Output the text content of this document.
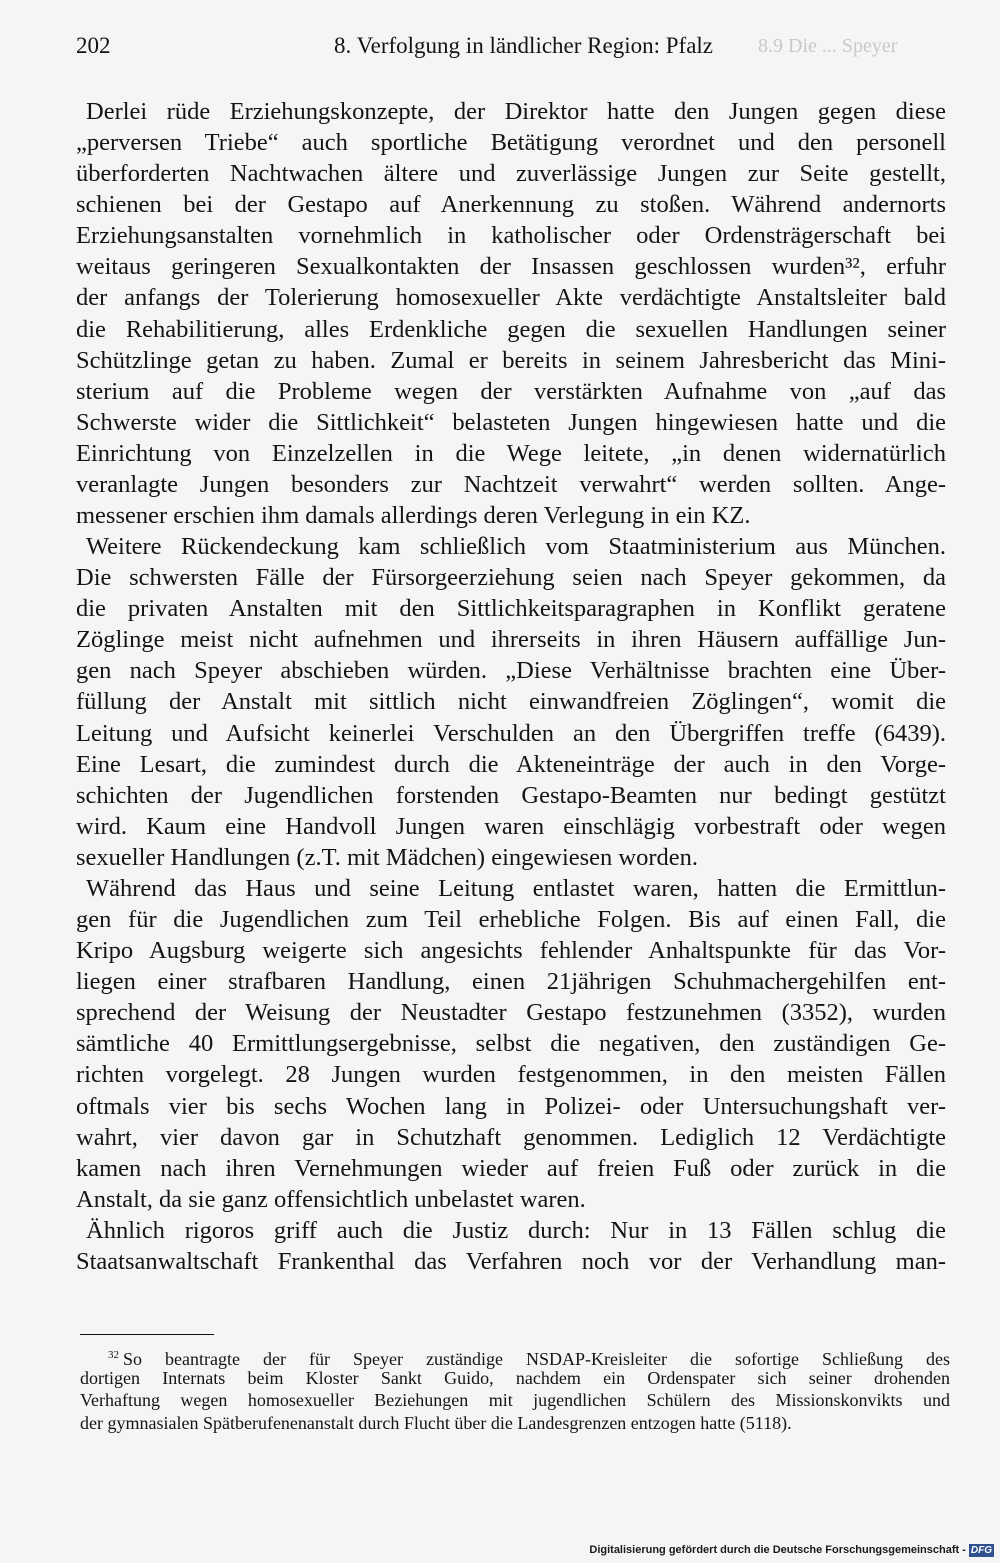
202	8. Verfolgung in ländlicher Region: Pfalz 8.9 Die ... Speyer
Derlei rüde Erziehungskonzepte, der Direktor hatte den Jungen gegen diese
„perversen Triebe“ auch sportliche Betätigung verordnet und den personell
überforderten Nachtwachen ältere und zuverlässige Jungen zur Seite gestellt,
schienen bei der Gestapo auf Anerkennung zu stoßen. Während andernorts
Erziehungsanstalten vornehmlich in katholischer oder Ordensträgerschaft bei
weitaus geringeren Sexualkontakten der Insassen geschlossen wurden³², erfuhr
der anfangs der Tolerierung homosexueller Akte verdächtigte Anstaltsleiter bald
die Rehabilitierung, alles Erdenkliche gegen die sexuellen Handlungen seiner
Schützlinge getan zu haben. Zumal er bereits in seinem Jahresbericht das Mini-
sterium auf die Probleme wegen der verstärkten Aufnahme von „auf das
Schwerste wider die Sittlichkeit“ belasteten Jungen hingewiesen hatte und die
Einrichtung von Einzelzellen in die Wege leitete, „in denen widernatürlich
veranlagte Jungen besonders zur Nachtzeit verwahrt“ werden sollten. Ange-
messener erschien ihm damals allerdings deren Verlegung in ein KZ.
Weitere Rückendeckung kam schließlich vom Staatministerium aus München.
Die schwersten Fälle der Fürsorgeerziehung seien nach Speyer gekommen, da
die privaten Anstalten mit den Sittlichkeitsparagraphen in Konflikt geratene
Zöglinge meist nicht aufnehmen und ihrerseits in ihren Häusern auffällige Jun-
gen nach Speyer abschieben würden. „Diese Verhältnisse brachten eine Über-
füllung der Anstalt mit sittlich nicht einwandfreien Zöglingen“, womit die
Leitung und Aufsicht keinerlei Verschulden an den Übergriffen treffe (6439).
Eine Lesart, die zumindest durch die Akteneinträge der auch in den Vorge-
schichten der Jugendlichen forstenden Gestapo-Beamten nur bedingt gestützt
wird. Kaum eine Handvoll Jungen waren einschlägig vorbestraft oder wegen
sexueller Handlungen (z.T. mit Mädchen) eingewiesen worden.
Während das Haus und seine Leitung entlastet waren, hatten die Ermittlun-
gen für die Jugendlichen zum Teil erhebliche Folgen. Bis auf einen Fall, die
Kripo Augsburg weigerte sich angesichts fehlender Anhaltspunkte für das Vor-
liegen einer strafbaren Handlung, einen 21jährigen Schuhmachergehilfen ent-
sprechend der Weisung der Neustadter Gestapo festzunehmen (3352), wurden
sämtliche 40 Ermittlungsergebnisse, selbst die negativen, den zuständigen Ge-
richten vorgelegt. 28 Jungen wurden festgenommen, in den meisten Fällen
oftmals vier bis sechs Wochen lang in Polizei- oder Untersuchungshaft ver-
wahrt, vier davon gar in Schutzhaft genommen. Lediglich 12 Verdächtigte
kamen nach ihren Vernehmungen wieder auf freien Fuß oder zurück in die
Anstalt, da sie ganz offensichtlich unbelastet waren.
Ähnlich rigoros griff auch die Justiz durch: Nur in 13 Fällen schlug die
Staatsanwaltschaft Frankenthal das Verfahren noch vor der Verhandlung man-
$^{32}$ So beantragte der für Speyer zuständige NSDAP-Kreisleiter die sofortige Schließung des
dortigen Internats beim Kloster Sankt Guido, nachdem ein Ordenspater sich seiner drohenden
Verhaftung wegen homosexueller Beziehungen mit jugendlichen Schülern des Missionskonvikts und
der gymnasialen Spätberufenenanstalt durch Flucht über die Landesgrenzen entzogen hatte (5118).
Digitalisierung gefördert durch die Deutsche Forschungsgemeinschaft - DFG
